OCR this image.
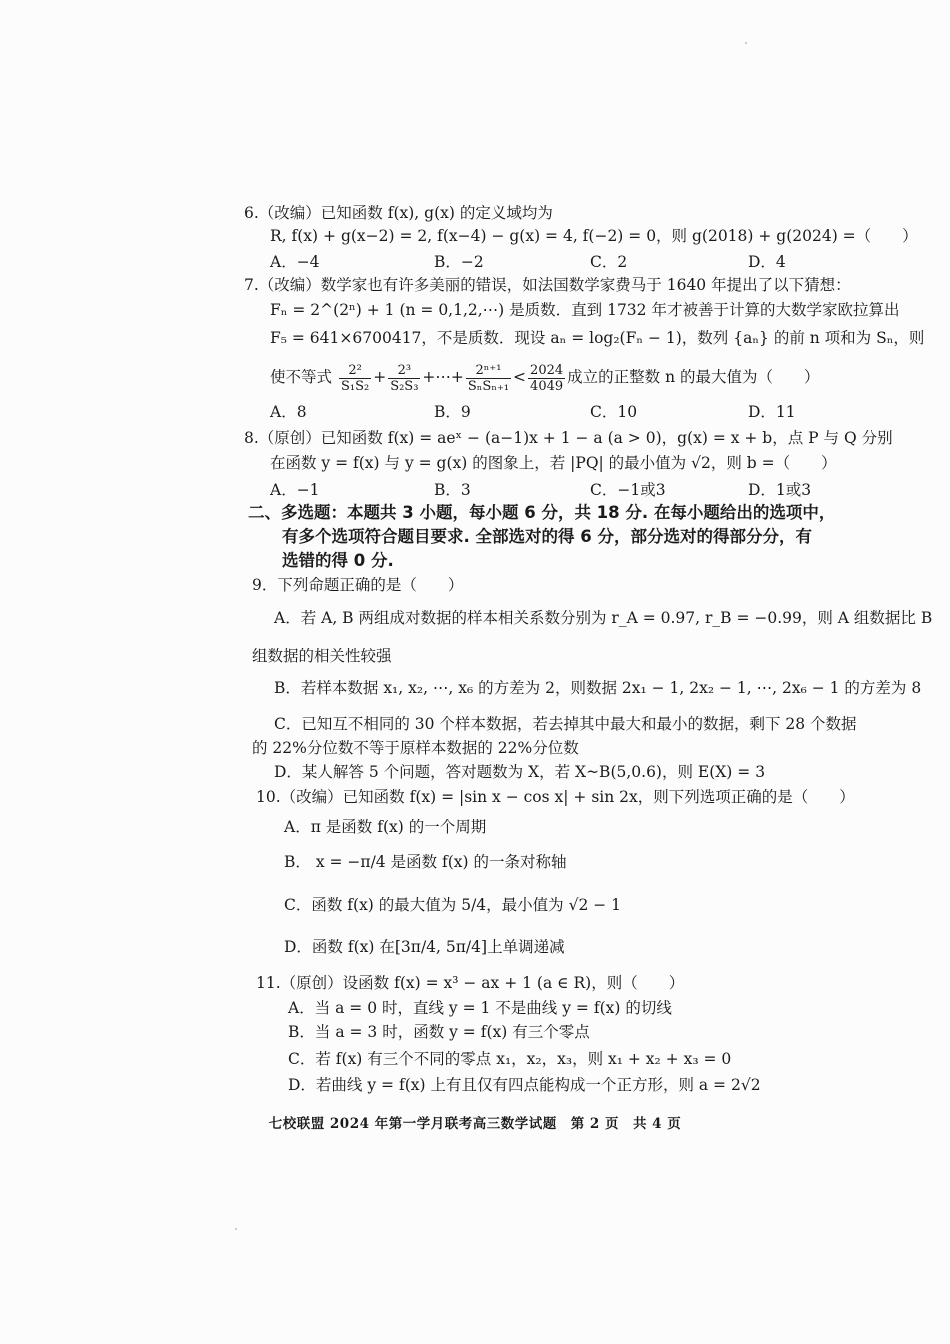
6.（改编）已知函数 f(x), g(x) 的定义域均为
R, f(x) + g(x−2) = 2, f(x−4) − g(x) = 4, f(−2) = 0，则 g(2018) + g(2024) =（　　）
A．−4	B．−2	C．2	D．4
7.（改编）数学家也有许多美丽的错误，如法国数学家费马于 1640 年提出了以下猜想：
Fₙ = 2^(2ⁿ) + 1 (n = 0,1,2,⋯) 是质数．直到 1732 年才被善于计算的大数学家欧拉算出
F₅ = 641×6700417，不是质数．现设 aₙ = log₂(Fₙ − 1)，数列 {aₙ} 的前 n 项和为 Sₙ，则
使不等式 $\frac{\text{2²}}{\text{S₁S₂}} + \frac{\text{2³}}{\text{S₂S₃}}$ +⋯+ $\frac{\text{2ⁿ⁺¹}}{\text{SₙSₙ₊₁}} < \frac{2024}{4049}$ 成立的正整数 n 的最大值为（　　）
A．8	B．9	C．10	D．11
8.（原创）已知函数 f(x) = aeˣ − (a−1)x + 1 − a (a > 0)，g(x) = x + b，点 P 与 Q 分别
在函数 y = f(x) 与 y = g(x) 的图象上，若 |PQ| 的最小值为 √2，则 b =（　　）
A．−1	B．3	C．−1或3	D．1或3
二、多选题：本题共 3 小题，每小题 6 分，共 18 分. 在每小题给出的选项中，
有多个选项符合题目要求. 全部选对的得 6 分，部分选对的得部分分，有
选错的得 0 分.
9．下列命题正确的是（　　）
A．若 A, B 两组成对数据的样本相关系数分别为 r_A = 0.97, r_B = −0.99，则 A 组数据比 B
组数据的相关性较强
B．若样本数据 x₁, x₂, ⋯, x₆ 的方差为 2，则数据 2x₁ − 1, 2x₂ − 1, ⋯, 2x₆ − 1 的方差为 8
C．已知互不相同的 30 个样本数据，若去掉其中最大和最小的数据，剩下 28 个数据
的 22%分位数不等于原样本数据的 22%分位数
D．某人解答 5 个问题，答对题数为 X，若 X~B(5,0.6)，则 E(X) = 3
10.（改编）已知函数 f(x) = |sin x − cos x| + sin 2x，则下列选项正确的是（　　）
A．π 是函数 f(x) 的一个周期
B． x = −π/4 是函数 f(x) 的一条对称轴
C．函数 f(x) 的最大值为 5/4，最小值为 √2 − 1
D．函数 f(x) 在[3π/4, 5π/4]上单调递减
11.（原创）设函数 f(x) = x³ − ax + 1 (a ∈ R)，则（　　）
A．当 a = 0 时，直线 y = 1 不是曲线 y = f(x) 的切线
B．当 a = 3 时，函数 y = f(x) 有三个零点
C．若 f(x) 有三个不同的零点 x₁，x₂，x₃，则 x₁ + x₂ + x₃ = 0
D．若曲线 y = f(x) 上有且仅有四点能构成一个正方形，则 a = 2√2
七校联盟 2024 年第一学月联考高三数学试题　第 2 页　共 4 页
